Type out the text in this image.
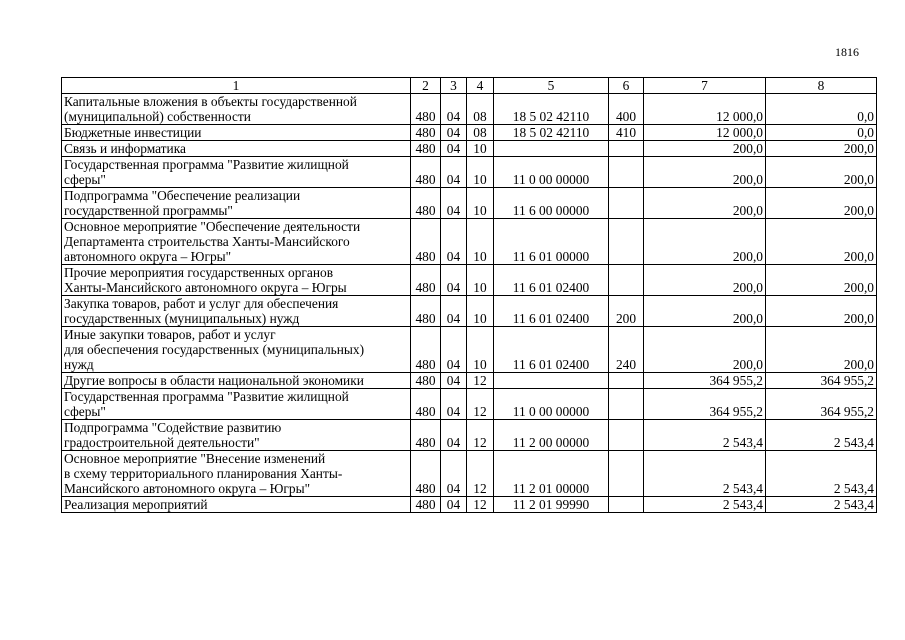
1816
1	2	3	4	5	6	7	8
Капитальные вложения в объекты государственной
(муниципальной) собственности	480	04	08	18 5 02 42110	400	12 000,0	0,0
Бюджетные инвестиции	480	04	08	18 5 02 42110	410	12 000,0	0,0
Связь и информатика	480	04	10			200,0	200,0
Государственная программа "Развитие жилищной
сферы"	480	04	10	11 0 00 00000		200,0	200,0
Подпрограмма "Обеспечение реализации
государственной программы"	480	04	10	11 6 00 00000		200,0	200,0
Основное мероприятие "Обеспечение деятельности
Департамента строительства Ханты-Мансийского
автономного округа – Югры"	480	04	10	11 6 01 00000		200,0	200,0
Прочие мероприятия государственных органов
Ханты-Мансийского автономного округа – Югры	480	04	10	11 6 01 02400		200,0	200,0
Закупка товаров, работ и услуг для обеспечения
государственных (муниципальных) нужд	480	04	10	11 6 01 02400	200	200,0	200,0
Иные закупки товаров, работ и услуг
для обеспечения государственных (муниципальных)
нужд	480	04	10	11 6 01 02400	240	200,0	200,0
Другие вопросы в области национальной экономики	480	04	12			364 955,2	364 955,2
Государственная программа "Развитие жилищной
сферы"	480	04	12	11 0 00 00000		364 955,2	364 955,2
Подпрограмма "Содействие развитию
градостроительной деятельности"	480	04	12	11 2 00 00000		2 543,4	2 543,4
Основное мероприятие "Внесение изменений
в схему территориального планирования Ханты-
Мансийского автономного округа – Югры"	480	04	12	11 2 01 00000		2 543,4	2 543,4
Реализация мероприятий	480	04	12	11 2 01 99990		2 543,4	2 543,4
